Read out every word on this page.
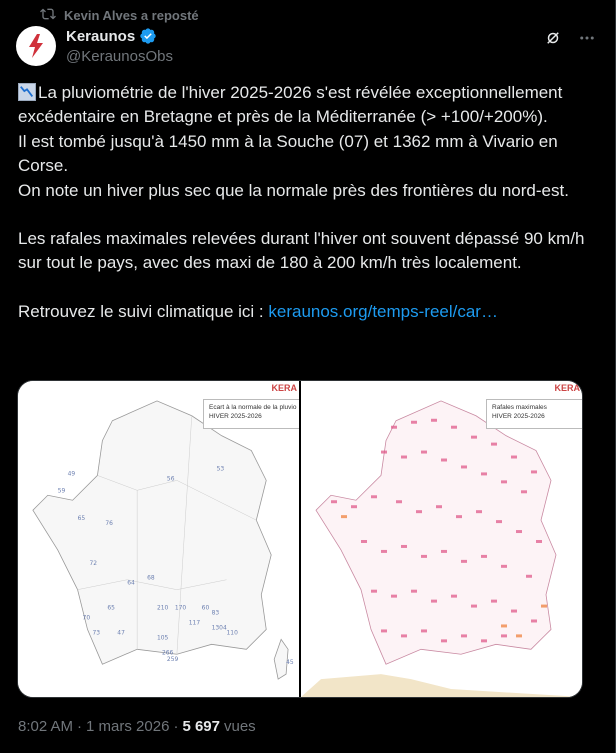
Kevin Alves a reposté
Keraunos
@KeraunosObs

La pluviométrie de l'hiver 2025-2026 s'est révélée exceptionnellement excédentaire en Bretagne et près de la Méditerranée (> +100/+200%).

Il est tombé jusqu'à 1450 mm à la Souche (07) et 1362 mm à Vivario en Corse.

On note un hiver plus sec que la normale près des frontières du nord-est.

Les rafales maximales relevées durant l'hiver ont souvent dépassé 90 km/h sur tout le pays, avec des maxi de 180 à 200 km/h très localement.

Retrouvez le suivi climatique ici : keraunos.org/temps-reel/car…

59
65
76
72
64
68
65	210 170	60
83
117
1304
110
105
266
259
70
73	47
45
49
56
53
Ecart à la normale de la pluvio
HIVER 2025-2026
KERA
Rafales maximales
HIVER 2025-2026
KERA
8:02 AM · 1 mars 2026 · 5 697 vues
